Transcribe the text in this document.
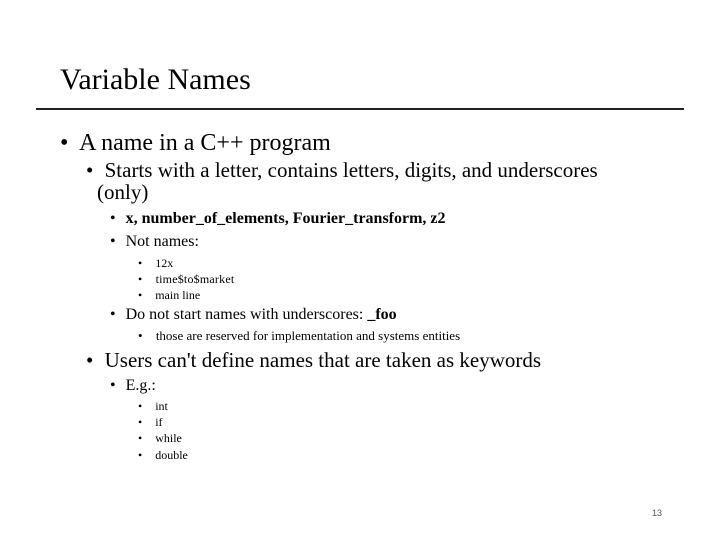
Variable Names
• A name in a C++ program
• Starts with a letter, contains letters, digits, and underscores
(only)
• x, number_of_elements, Fourier_transform, z2
• Not names:
• 12x
• time$to$market
• main line
• Do not start names with underscores: _foo
• those are reserved for implementation and systems entities
• Users can't define names that are taken as keywords
• E.g.:
• int
• if
• while
• double
13
